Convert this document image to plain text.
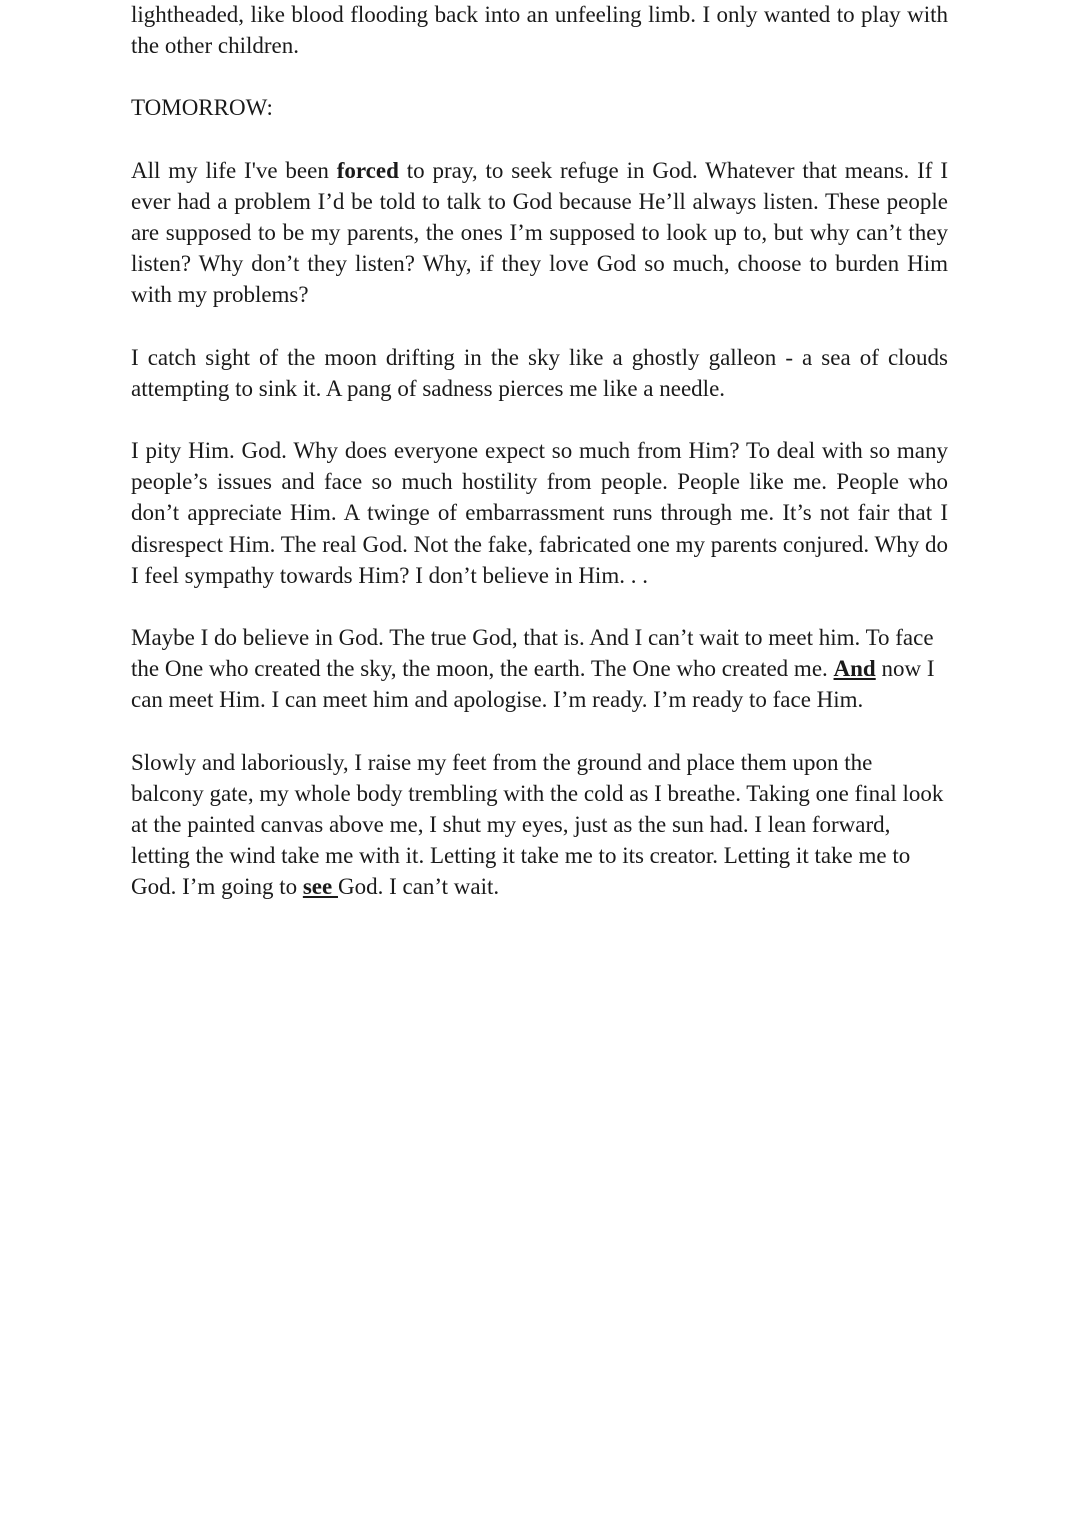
lightheaded, like blood flooding back into an unfeeling limb. I only wanted to play with the other children.

TOMORROW:

All my life I've been forced to pray, to seek refuge in God. Whatever that means. If I ever had a problem I’d be told to talk to God because He’ll always listen. These people are supposed to be my parents, the ones I’m supposed to look up to, but why can’t they listen? Why don’t they listen? Why, if they love God so much, choose to burden Him with my problems?

I catch sight of the moon drifting in the sky like a ghostly galleon - a sea of clouds attempting to sink it. A pang of sadness pierces me like a needle.

I pity Him. God. Why does everyone expect so much from Him? To deal with so many people’s issues and face so much hostility from people. People like me. People who don’t appreciate Him. A twinge of embarrassment runs through me. It’s not fair that I disrespect Him. The real God. Not the fake, fabricated one my parents conjured. Why do I feel sympathy towards Him? I don’t believe in Him. . .

Maybe I do believe in God. The true God, that is. And I can’t wait to meet him. To face the One who created the sky, the moon, the earth. The One who created me. And now I can meet Him. I can meet him and apologise. I’m ready. I’m ready to face Him.

Slowly and laboriously, I raise my feet from the ground and place them upon the balcony gate, my whole body trembling with the cold as I breathe. Taking one final look at the painted canvas above me, I shut my eyes, just as the sun had. I lean forward, letting the wind take me with it. Letting it take me to its creator. Letting it take me to God. I’m going to see God. I can’t wait.
